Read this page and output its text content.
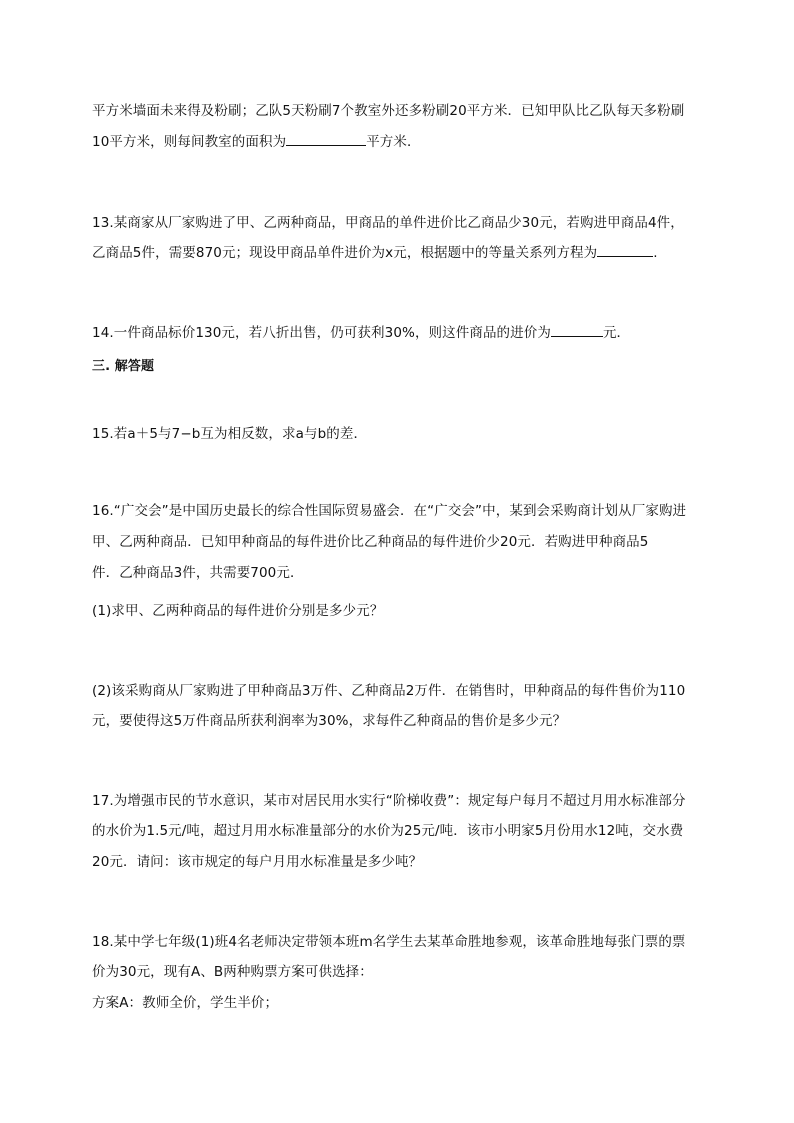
平方米墙面未来得及粉刷；乙队5天粉刷7个教室外还多粉刷20平方米．已知甲队比乙队每天多粉刷
10平方米，则每间教室的面积为	平方米．
13.某商家从厂家购进了甲、乙两种商品，甲商品的单件进价比乙商品少30元，若购进甲商品4件，
乙商品5件，需要870元；现设甲商品单件进价为x元，根据题中的等量关系列方程为	.
14.一件商品标价130元，若八折出售，仍可获利30%，则这件商品的进价为	元．
三. 解答题
15.若a＋5与7−b互为相反数，求a与b的差．
16.“广交会”是中国历史最长的综合性国际贸易盛会．在“广交会”中，某到会采购商计划从厂家购进
甲、乙两种商品．已知甲种商品的每件进价比乙种商品的每件进价少20元．若购进甲种商品5
件．乙种商品3件，共需要700元．
(1)求甲、乙两种商品的每件进价分别是多少元？
(2)该采购商从厂家购进了甲种商品3万件、乙种商品2万件．在销售时，甲种商品的每件售价为110
元，要使得这5万件商品所获利润率为30%，求每件乙种商品的售价是多少元？
17.为增强市民的节水意识，某市对居民用水实行“阶梯收费”：规定每户每月不超过月用水标准部分
的水价为1.5元/吨，超过月用水标准量部分的水价为25元/吨．该市小明家5月份用水12吨，交水费
20元．请问：该市规定的每户月用水标准量是多少吨？
18.某中学七年级(1)班4名老师决定带领本班m名学生去某革命胜地参观，该革命胜地每张门票的票
价为30元，现有A、B两种购票方案可供选择：
方案A：教师全价，学生半价；
